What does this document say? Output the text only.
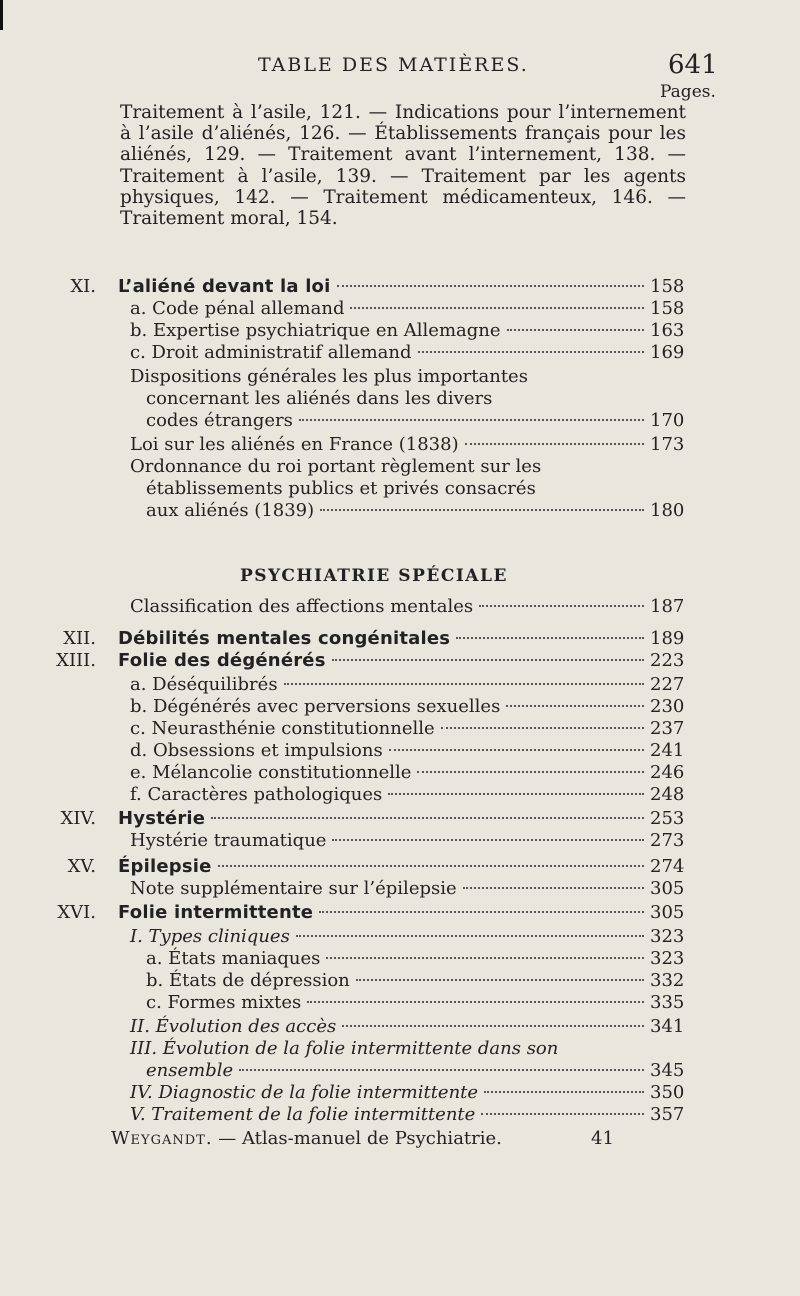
TABLE DES MATIÈRES.	641
Pages.
Traitement à l’asile, 121. — Indications pour l’internement à l’asile d’aliénés, 126. — Établissements français pour les aliénés, 129. — Traitement avant l’internement, 138. — Traitement à l’asile, 139. — Traitement par les agents physiques, 142. — Traitement médicamenteux, 146. — Traitement moral, 154.
XI. L’aliéné devant la loi	158
a. Code pénal allemand	158
b. Expertise psychiatrique en Allemagne	163
c. Droit administratif allemand	169
Dispositions générales les plus importantes
concernant les aliénés dans les divers
codes étrangers	170
Loi sur les aliénés en France (1838)	173
Ordonnance du roi portant règlement sur les
établissements publics et privés consacrés
aux aliénés (1839)	180
PSYCHIATRIE SPÉCIALE
Classification des affections mentales	187
XII. Débilités mentales congénitales	189
XIII. Folie des dégénérés	223
a. Déséquilibrés	227
b. Dégénérés avec perversions sexuelles	230
c. Neurasthénie constitutionnelle	237
d. Obsessions et impulsions	241
e. Mélancolie constitutionnelle	246
f. Caractères pathologiques	248
XIV. Hystérie	253
Hystérie traumatique	273
XV. Épilepsie	274
Note supplémentaire sur l’épilepsie	305
XVI. Folie intermittente	305
I. Types cliniques	323
a. États maniaques	323
b. États de dépression	332
c. Formes mixtes	335
II. Évolution des accès	341
III. Évolution de la folie intermittente dans son
ensemble	345
IV. Diagnostic de la folie intermittente	350
V. Traitement de la folie intermittente	357
Weygandt. — Atlas-manuel de Psychiatrie.	41
